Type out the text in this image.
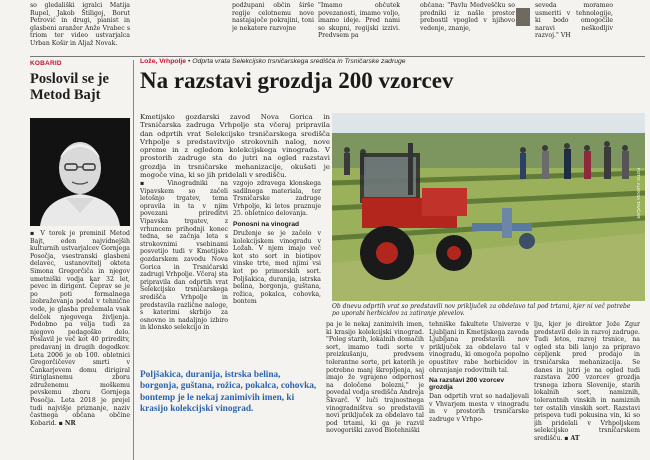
so gledališki igralci Matija Rupel, Jakob Štiligoj, Borut Petrović in drugi, pianist in glasbeni aranžer Anže Vrabec s triom ter video ustvarjalca Urban Košir in Aljaž Novak.

podžupani občin širše regije celotnemu nove nastajajoče pokrajini, toni je nekatere razvojne

"Imamo občutek povezanosti, imamo voljo, imamo ideje. Pred nami so skupni, regijski izzivi. Predvsem pa

občana: "Pavlu Medveščku so predniki iz našle prostor prebostil vpogled v njihovo vedenje, znanje,

seveda morameo usmeriti v tehnologije, ki bodo omogočile naravi neškodljiv razvoj." VH

KOBARID
Poslovil se je Metod Bajt

▪ V torek je preminil Metod Bajt, eden najvidnejših kulturnih ustvarjalcev Gornjega Posočja, vsestranski glasbeni delavec, ustanovitelj okteta Simona Gregorčiča in njegov umetniški vodja kar 32 let, pevec in dirigent. Čeprav se je po poti formalnega izobraževanja podal v tehnične vode, je glasba prežemala vsak delček njegovega življenja. Podobno pa velja tudi za njegovo pedagoško delo. Poslavil je več kot 40 prireditv, predavanj in drugih dogodkov. Leta 2006 je ob 100. obletnici Gregorčičevev smrti v Čankarjevem domu dirigiral štiriglasnemu zboru združenemu moškemu pevskemu zboru Gornjega Posočja. Leta 2018 je prejel tudi najvišje priznanje, naziv častnega občana občine Kobarid. ▪ NR

Lože, Vrhpolje • Odprta vrata Selekcijsko trsničarskega središča in Trsničarske zadruge
Na razstavi grozdja 200 vzorcev

Kmetijsko gozdarski zavod Nova Gorica in Trsničarska zadruga Vrhpolje sta včeraj pripravila dan odprtih vrat Selekcijsko trsničarskega središča Vrhpolje s predstavitvijo strokovnih nalog, nove opreme in z ogledom kolekcijskega vinograda. V prostorih zadruge sta do jutri na ogled razstavi grozdja in trsničarske mehanizacije, okušati je mogoče vina, ki so jih pridelali v središču.	FOTO: ALEKSA TAVČAR

Ob dnevu odprtih vrat so predstavili nov priključek za obdelavo tal pod trtami, kjer ni več potrebe po uporabi herbicidov za zatiranje plevelov.

▪ Vinogradniki na Vipavskem so začeli letošnjo trgatev, tema opravila in ta v njim povezani prireditvi Vipavska trgatev, z vrhuncem prihodnji konec tedna, se začnja leta s strokovnimi vsebinami posvetijo tudi v Kmetijsko gozdarskem zavodu Nova Gorica in Trsničarski zadrugi Vrhpolje. Včeraj sta pripravila dan odprtih vrat Selekcijsko trsničarskega središča Vrhpolje in predstavila različne naloge, s katerimi skrbijo za osnovno in nadaljnjo izbiro in klonsko selekcijo in

vzgojo zdravega klonskega sadilnega materiala, ter Trsničarske zadruge Vrhpolje, ki letos praznuje 25. obletnico delovanja.

Ponosni na vinograd

Druženje se je začelo v kolekcijskem vinogradu v Ložah. V njem imajo več kot sto sort in biotipov vinske trte, med njimi vsi kot po primorskih sort. Poljšakica, duranija, istrska belina, borgonja, guštana, rožica, pokalca, cohovka, bontem

pa je le nekaj zanimivih imen, ki krasijo kolekcijski vinograd. "Poleg starih, lokalnih domačih sort, imamo tudi sorte v preizkušanju, predvsem tolerantne sorte, pri katerih je potrebno manj škropljenja, saj imajo že vgrajeno odpornost na določene bolezni," je povedal vodja središča Andreja Škvarč. V luči trajnostnega vinogradništva so predstavili novi priključek za obdelavo tal pod trtami, ki ga je razvil novogoriški zavod Biotehniški

tehniške fakultete Univerze v Ljubljani in Kmetijskega zavoda Ljubljana predstavili nov priključek za obdelavo tal v vinogradu, ki omogoča popolno opustitev rabe herbicidov in ohranjanje rodovitnih tal.

Na razstavi 200 vzorcev grozdja

Dan odprtih vrat so nadaljevali v Vhvarjem mesta v vinogradu in v prostorih trsničarske zadruge v Vrhpo-

lju, kjer je direktor Jože Žgur predstavil delo in razvoj zadruge. Tudi letos, razvoj trsnice, na ogled sta bili lanjo za pripravo cepljenk pred prodajo in trsničarska mehanizacija. Se danes in jutri je na ogled tudi razstava 200 vzorcev grozdja trsnega izbora Slovenije, starih lokalnih sort, namiznih, tolerantnih vinskih in namiznih ter ostalih vinskih sort. Razstavi prispeva tudi pokusina vin, ki so jih pridelali v Vrhpoljskem selekcijsko trsničarskem središču. ▪ AT

Poljšakica, duranija, istrska belina, borgonja, guštana, rožica, pokalca, cohovka, bontemp je le nekaj zanimivih imen, ki krasijo kolekcijski vinograd.
